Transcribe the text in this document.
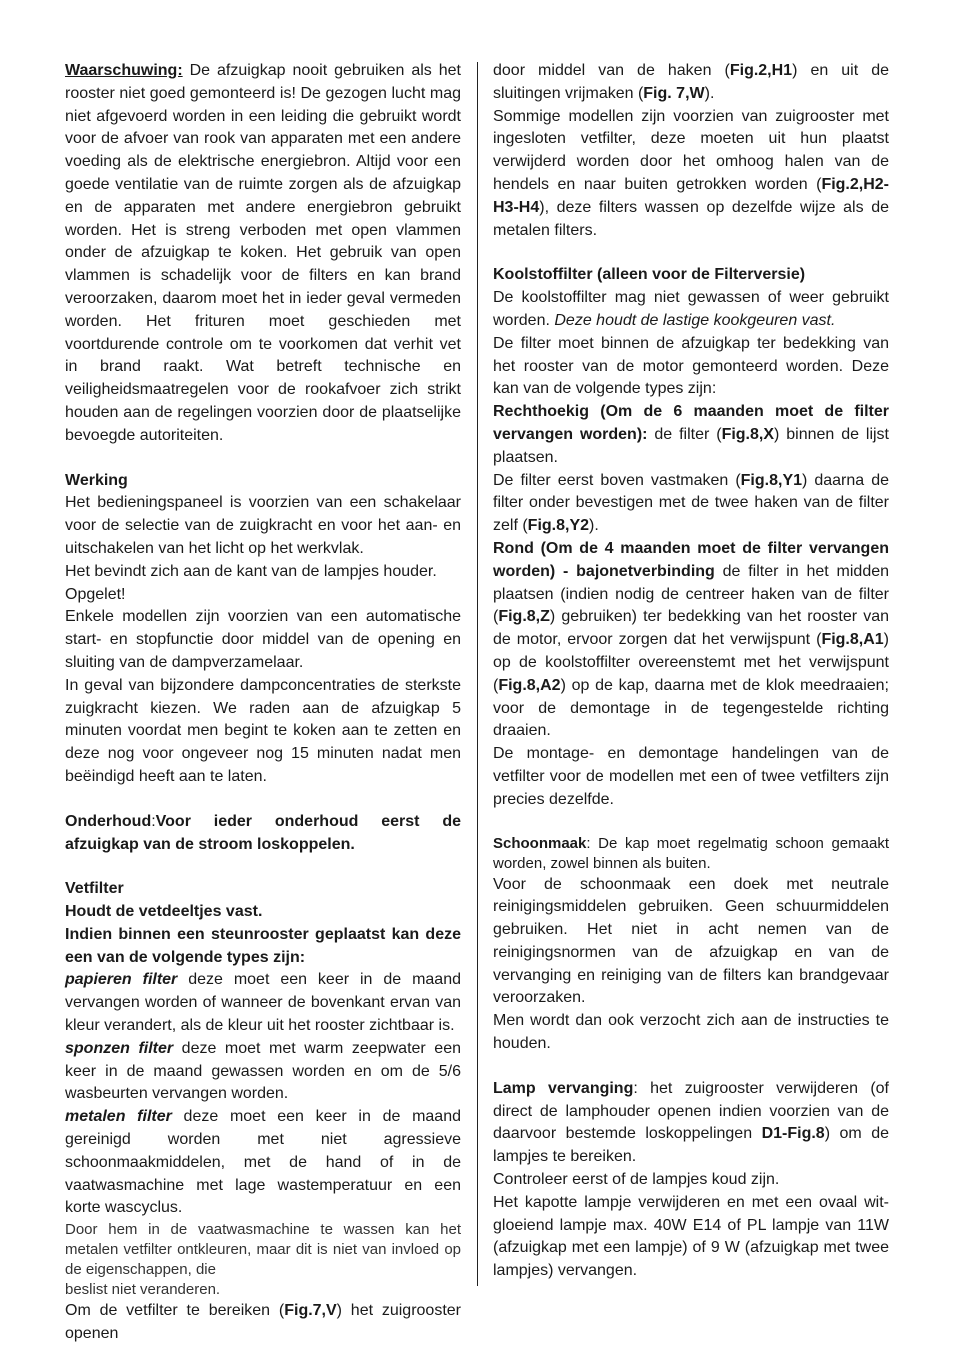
Waarschuwing: De afzuigkap nooit gebruiken als het rooster niet goed gemonteerd is! De gezogen lucht mag niet afgevoerd worden in een leiding die gebruikt wordt voor de afvoer van rook van apparaten met een andere voeding als de elektrische energiebron. Altijd voor een goede ventilatie van de ruimte zorgen als de afzuigkap en de apparaten met andere energiebron gebruikt worden. Het is streng verboden met open vlammen onder de afzuigkap te koken. Het gebruik van open vlammen is schadelijk voor de filters en kan brand veroorzaken, daarom moet het in ieder geval vermeden worden. Het frituren moet geschieden met voortdurende controle om te voorkomen dat verhit vet in brand raakt. Wat betreft technische en veiligheidsmaatregelen voor de rookafvoer zich strikt houden aan de regelingen voorzien door de plaatselijke bevoegde autoriteiten.

Werking

Het bedieningspaneel is voorzien van een schakelaar voor de selectie van de zuigkracht en voor het aan- en uitschakelen van het licht op het werkvlak.

Het bevindt zich aan de kant van de lampjes houder.

Opgelet!

Enkele modellen zijn voorzien van een automatische start- en stopfunctie door middel van de opening en sluiting van de dampverzamelaar.

In geval van bijzondere dampconcentraties de sterkste zuigkracht kiezen. We raden aan de afzuigkap 5 minuten voordat men begint te koken aan te zetten en deze nog voor ongeveer nog 15 minuten nadat men beëindigd heeft aan te laten.

Onderhoud:Voor ieder onderhoud eerst de afzuigkap van de stroom loskoppelen.

Vetfilter

Houdt de vetdeeltjes vast.

Indien binnen een steunrooster geplaatst kan deze een van de volgende types zijn:

papieren filter deze moet een keer in de maand vervangen worden of wanneer de bovenkant ervan van kleur verandert, als de kleur uit het rooster zichtbaar is.

sponzen filter deze moet met warm zeepwater een keer in de maand gewassen worden en om de 5/6 wasbeurten vervangen worden.

metalen filter deze moet een keer in de maand gereinigd worden met niet agressieve schoonmaakmiddelen, met de hand of in de vaatwasmachine met lage wastemperatuur en een korte wascyclus.

Door hem in de vaatwasmachine te wassen kan het metalen vetfilter ontkleuren, maar dit is niet van invloed op de eigenschappen, die

beslist niet veranderen.

Om de vetfilter te bereiken (Fig.7,V) het zuigrooster openen

door middel van de haken (Fig.2,H1) en uit de sluitingen vrijmaken (Fig. 7,W).

Sommige modellen zijn voorzien van zuigrooster met ingesloten vetfilter, deze moeten uit hun plaatst verwijderd worden door het omhoog halen van de hendels en naar buiten getrokken worden (Fig.2,H2-H3-H4), deze filters wassen op dezelfde wijze als de metalen filters.

Koolstoffilter (alleen voor de Filterversie)

De koolstoffilter mag niet gewassen of weer gebruikt worden. Deze houdt de lastige kookgeuren vast.

De filter moet binnen de afzuigkap ter bedekking van het rooster van de motor gemonteerd worden. Deze kan van de volgende types zijn:

Rechthoekig (Om de 6 maanden moet de filter vervangen worden): de filter (Fig.8,X) binnen de lijst plaatsen.

De filter eerst boven vastmaken (Fig.8,Y1) daarna de filter onder bevestigen met de twee haken van de filter zelf (Fig.8,Y2).

Rond (Om de 4 maanden moet de filter vervangen worden) - bajonetverbinding de filter in het midden plaatsen (indien nodig de centreer haken van de filter (Fig.8,Z) gebruiken) ter bedekking van het rooster van de motor, ervoor zorgen dat het verwijspunt (Fig.8,A1) op de koolstoffilter overeenstemt met het verwijspunt (Fig.8,A2) op de kap, daarna met de klok meedraaien; voor de demontage in de tegengestelde richting draaien.

De montage- en demontage handelingen van de vetfilter voor de modellen met een of twee vetfilters zijn precies dezelfde.

Schoonmaak: De kap moet regelmatig schoon gemaakt worden, zowel binnen als buiten.

Voor de schoonmaak een doek met neutrale reinigingsmiddelen gebruiken. Geen schuurmiddelen gebruiken. Het niet in acht nemen van de reinigingsnormen van de afzuigkap en van de vervanging en reiniging van de filters kan brandgevaar veroorzaken.

Men wordt dan ook verzocht zich aan de instructies te houden.

Lamp vervanging: het zuigrooster verwijderen (of direct de lamphouder openen indien voorzien van de daarvoor bestemde loskoppelingen D1-Fig.8) om de lampjes te bereiken.

Controleer eerst of de lampjes koud zijn.

Het kapotte lampje verwijderen en met een ovaal wit-gloeiend lampje max. 40W E14 of PL lampje van 11W (afzuigkap met een lampje) of 9 W (afzuigkap met twee lampjes) vervangen.
